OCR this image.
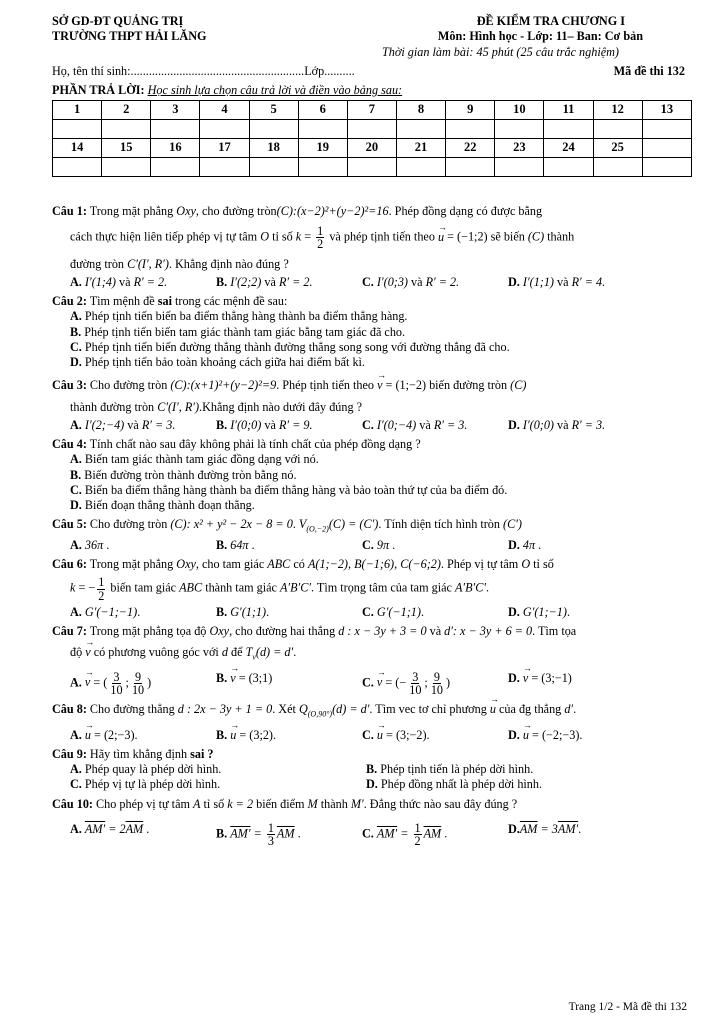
SỞ GD-ĐT QUẢNG TRỊ	ĐỀ KIỂM TRA CHƯƠNG I
TRƯỜNG THPT HẢI LĂNG	Môn: Hình học - Lớp: 11– Ban: Cơ bản
Thời gian làm bài: 45 phút (25 câu trắc nghiệm)
Họ, tên thí sinh:.........................................................Lớp..........	Mã đề thi 132
PHẦN TRẢ LỜI: Học sinh lựa chọn câu trả lời và điền vào bảng sau:
1	2	3	4	5	6	7	8	9	10	11	12	13

14	15	16	17	18	19	20	21	22	23	24	25	

Câu 1: Trong mặt phẳng Oxy, cho đường tròn(C):(x−2)²+(y−2)²=16. Phép đồng dạng có được bằng
cách thực hiện liên tiếp phép vị tự tâm O tỉ số $k = \frac{1}{2}$ và phép tịnh tiến theo → u = (−1;2) sẽ biến (C) thành
đường tròn C′(I′, R′). Khẳng định nào đúng ?
A. I′(1;4) và R′ = 2.	B. I′(2;2) và R′ = 2.	C. I′(0;3) và R′ = 2.	D. I′(1;1) và R′ = 4.
Câu 2: Tìm mệnh đề sai trong các mệnh đề sau:
A. Phép tịnh tiến biến ba điểm thẳng hàng thành ba điểm thẳng hàng.
B. Phép tịnh tiến biến tam giác thành tam giác bằng tam giác đã cho.
C. Phép tịnh tiến biến đường thẳng thành đường thẳng song song với đường thẳng đã cho.
D. Phép tịnh tiến bảo toàn khoảng cách giữa hai điểm bất kì.
Câu 3: Cho đường tròn (C):(x+1)²+(y−2)²=9. Phép tịnh tiến theo → v = (1;−2) biến đường tròn (C)
thành đường tròn C′(I′, R′).Khẳng định nào dưới đây đúng ?
A. I′(2;−4) và R′ = 3.	B. I′(0;0) và R′ = 9.	C. I′(0;−4) và R′ = 3.	D. I′(0;0) và R′ = 3.
Câu 4: Tính chất nào sau đây không phải là tính chất của phép đồng dạng ?
A. Biến tam giác thành tam giác đồng dạng với nó.
B. Biến đường tròn thành đường tròn bằng nó.
C. Biến ba điểm thẳng hàng thành ba điểm thẳng hàng và bảo toàn thứ tự của ba điểm đó.
D. Biến đoạn thẳng thành đoạn thẳng.
Câu 5: Cho đường tròn (C): x² + y² − 2x − 8 = 0. $V_{(O,-2)}(C) = (C')$. Tính diện tích hình tròn (C′)
A. 36π .	B. 64π .	C. 9π .	D. 4π .
Câu 6: Trong mặt phẳng Oxy, cho tam giác ABC có A(1;−2), B(−1;6), C(−6;2). Phép vị tự tâm O tỉ số
k = − $\frac{1}{2}$ biến tam giác ABC thành tam giác A′B′C′. Tìm trọng tâm của tam giác A′B′C′.
A. G′(−1;−1).	B. G′(1;1).	C. G′(−1;1).	D. G′(1;−1).
Câu 7: Trong mặt phẳng tọa độ Oxy, cho đường hai thẳng d : x − 3y + 3 = 0 và d′: x − 3y + 6 = 0. Tìm tọa
độ → v có phương vuông góc với d để $T_v(d) = d'$.
A. → v = ( $\frac{3}{10}$ ; $\frac{9}{10}$ )	B. → v = (3;1)	C. → v = (− $\frac{3}{10}$ ; $\frac{9}{10}$ )	D. → v = (3;−1)
Câu 8: Cho đường thẳng d : 2x − 3y + 1 = 0. Xét $Q_{(O,90^\circ)}(d) = d'$. Tìm vec tơ chỉ phương → u của đg thẳng d′.
A. → u = (2;−3).	B. → u = (3;2).	C. → u = (3;−2).	D. → u = (−2;−3).
Câu 9: Hãy tìm khẳng định sai ?
A. Phép quay là phép dời hình.	B. Phép tịnh tiến là phép dời hình.
C. Phép vị tự là phép dời hình.	D. Phép đồng nhất là phép dời hình.
Câu 10: Cho phép vị tự tâm A tỉ số k = 2 biến điểm M thành M′. Đẳng thức nào sau đây đúng ?
A. $AM' = 2\overline{AM}$ .	B. $AM' = \frac{1}{3} \overline{AM}$ .	C. $AM' = \frac{1}{2} \overline{AM}$ .	$D.\overline{AM} = 3AM'$.
Trang 1/2 - Mã đề thi 132
